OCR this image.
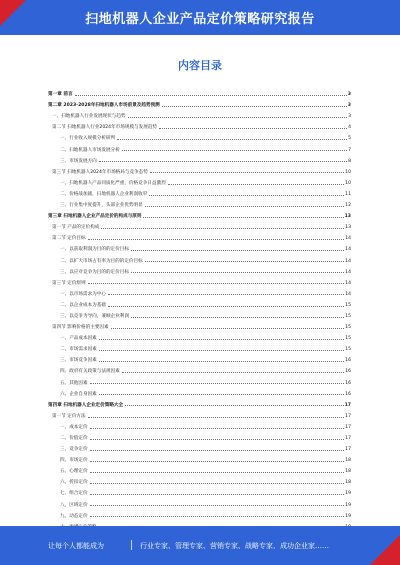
扫地机器人企业产品定价策略研究报告
内容目录
第一章 前言	3
第二章 2023-2028年扫地机器人市场前景及趋势预测	3
一、扫地机器人行业发展现状与趋势	3
第二节 扫地机器人行业2024年市场规模与发展趋势	4
一、行业收入规模分析研判	5
二、扫地机器人市场发展分析	7
三、市场发展方向	8
第三节 扫地机器人2024年市场格局与竞争态势	10
一、扫地机器人产品同质化严重，价格竞争日益激烈	10
二、价格战加剧，扫地机器人企业利润收窄	11
三、行业集中度提升，头部企业优势明显	12
第三章 扫地机器人企业产品定价的构成与原则	13
第一节 产品的定价构成	13
第二节 定价目标	14
一、以获取利润为目的的定价目标	14
二、以扩大市场占有率为目的的定价目标	14
三、以应对竞争为目的的定价目标	14
第三节 定价原则	14
一、以市场需求为中心	14
二、以企业成本为基础	15
三、以竞争为导向，兼顾企业利润	15
第四节 影响价格的主要因素	15
一、产品成本因素	15
二、市场需求因素	15
三、市场竞争因素	16
四、政府有关政策与法规因素	16
五、其他因素	16
六、企业自身因素	16
第四章 扫地机器人企业定价策略大全	17
第一节 定价方法	17
一、成本定价	17
二、价值定价	17
三、竞争定价	17
四、市场定价	18
五、心理定价	18
六、折扣定价	18
七、组合定价	19
八、区域定价	19
九、动态定价	19
让每个人都能成为	行业专家、管理专家、营销专家、战略专家、成功企业家……
